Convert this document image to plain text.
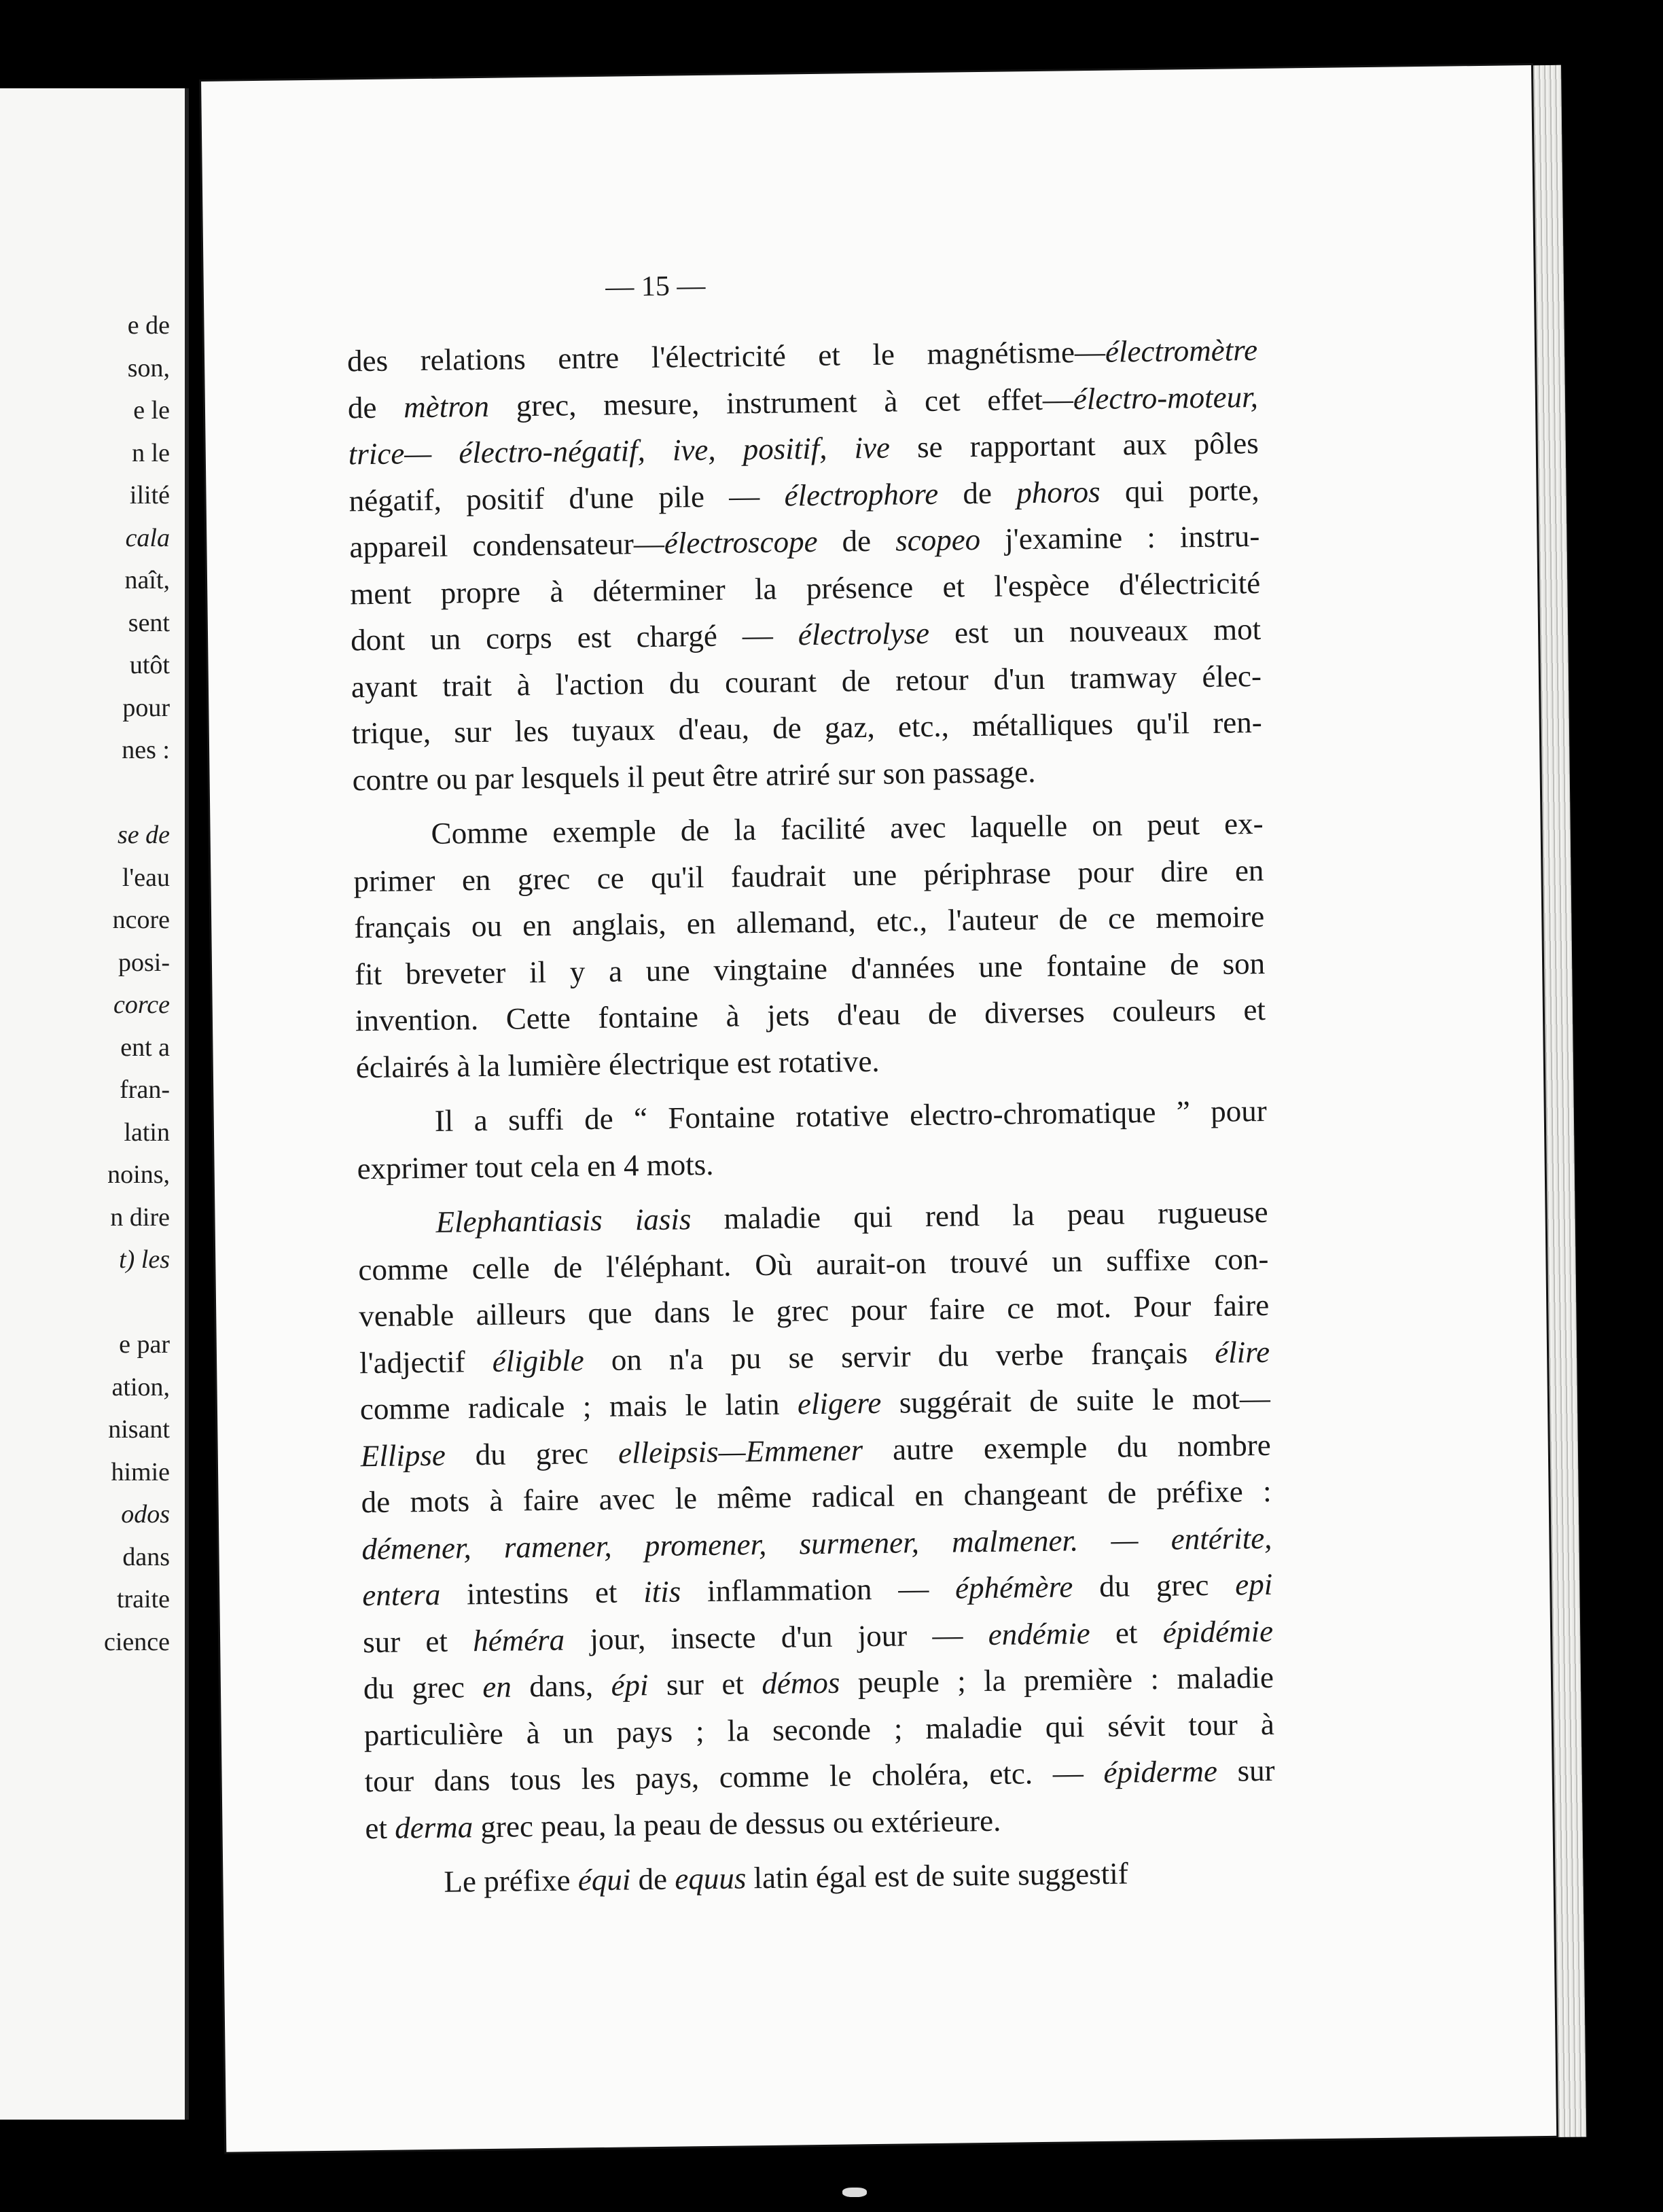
e de
son,
e le
n le
ilité
cala
naît,
sent
utôt
pour
nes :
se de
l'eau
ncore
posi-
corce
ent a
fran-
latin
noins,
n dire
t) les
e par
ation,
nisant
himie
odos
dans
traite
cience
— 15 —
des relations entre l'électricité et le magnétisme—électromètre
de mètron grec, mesure, instrument à cet effet—électro-moteur,
trice— électro-négatif, ive, positif, ive se rapportant aux pôles
négatif, positif d'une pile — électrophore de phoros qui porte,
appareil condensateur—électroscope de scopeo j'examine : instru-
ment propre à déterminer la présence et l'espèce d'électricité
dont un corps est chargé — électrolyse est un nouveaux mot
ayant trait à l'action du courant de retour d'un tramway élec-
trique, sur les tuyaux d'eau, de gaz, etc., métalliques qu'il ren-
contre ou par lesquels il peut être atriré sur son passage.
Comme exemple de la facilité avec laquelle on peut ex-
primer en grec ce qu'il faudrait une périphrase pour dire en
français ou en anglais, en allemand, etc., l'auteur de ce memoire
fit breveter il y a une vingtaine d'années une fontaine de son
invention. Cette fontaine à jets d'eau de diverses couleurs et
éclairés à la lumière électrique est rotative.
Il a suffi de “ Fontaine rotative electro-chromatique ” pour
exprimer tout cela en 4 mots.
Elephantiasis iasis maladie qui rend la peau rugueuse
comme celle de l'éléphant. Où aurait-on trouvé un suffixe con-
venable ailleurs que dans le grec pour faire ce mot. Pour faire
l'adjectif éligible on n'a pu se servir du verbe français élire
comme radicale ; mais le latin eligere suggérait de suite le mot—
Ellipse du grec elleipsis—Emmener autre exemple du nombre
de mots à faire avec le même radical en changeant de préfixe :
démener, ramener, promener, surmener, malmener. — entérite,
entera intestins et itis inflammation — éphémère du grec epi
sur et héméra jour, insecte d'un jour — endémie et épidémie
du grec en dans, épi sur et démos peuple ; la première : maladie
particulière à un pays ; la seconde ; maladie qui sévit tour à
tour dans tous les pays, comme le choléra, etc. — épiderme sur
et derma grec peau, la peau de dessus ou extérieure.
Le préfixe équi de equus latin égal est de suite suggestif
